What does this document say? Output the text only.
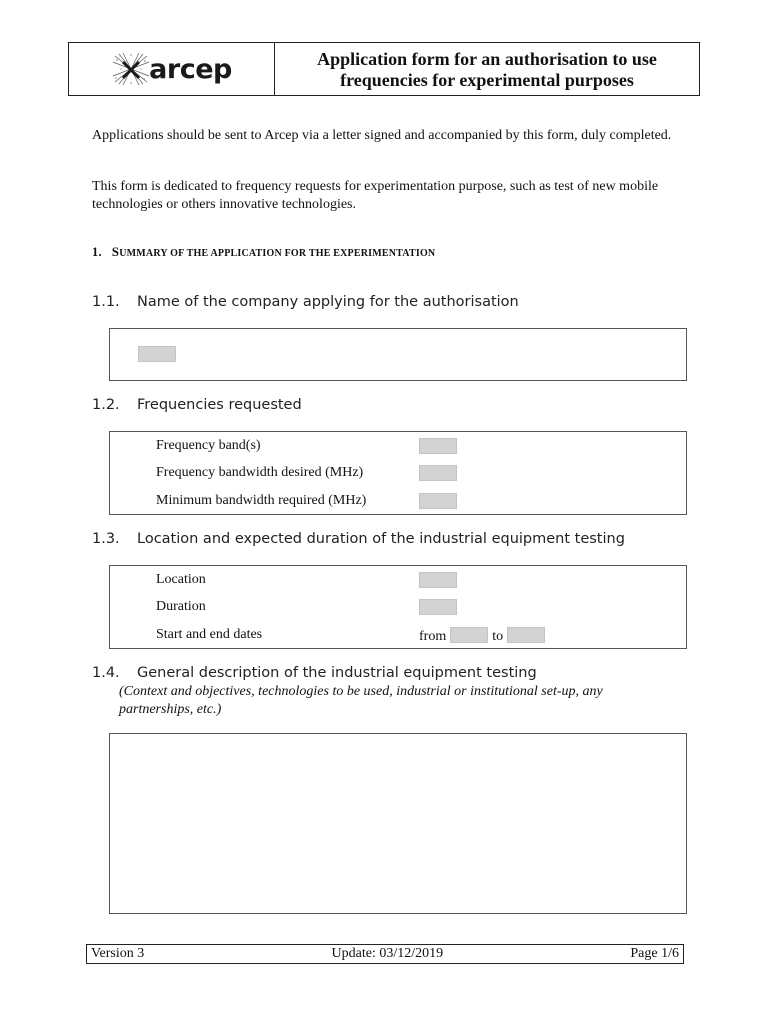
arcep	Application form for an authorisation to use
frequencies for experimental purposes
Applications should be sent to Arcep via a letter signed and accompanied by this form, duly completed.
This form is dedicated to frequency requests for experimentation purpose, such as test of new mobile technologies or others innovative technologies.
1. SUMMARY OF THE APPLICATION FOR THE EXPERIMENTATION
1.1. Name of the company applying for the authorisation
1.2. Frequencies requested
Frequency band(s)
Frequency bandwidth desired (MHz)
Minimum bandwidth required (MHz)
1.3. Location and expected duration of the industrial equipment testing
Location
Duration
Start and end dates	from	to
1.4. General description of the industrial equipment testing
(Context and objectives, technologies to be used, industrial or institutional set-up, any partnerships, etc.)
Version 3	Update: 03/12/2019	Page 1/6
